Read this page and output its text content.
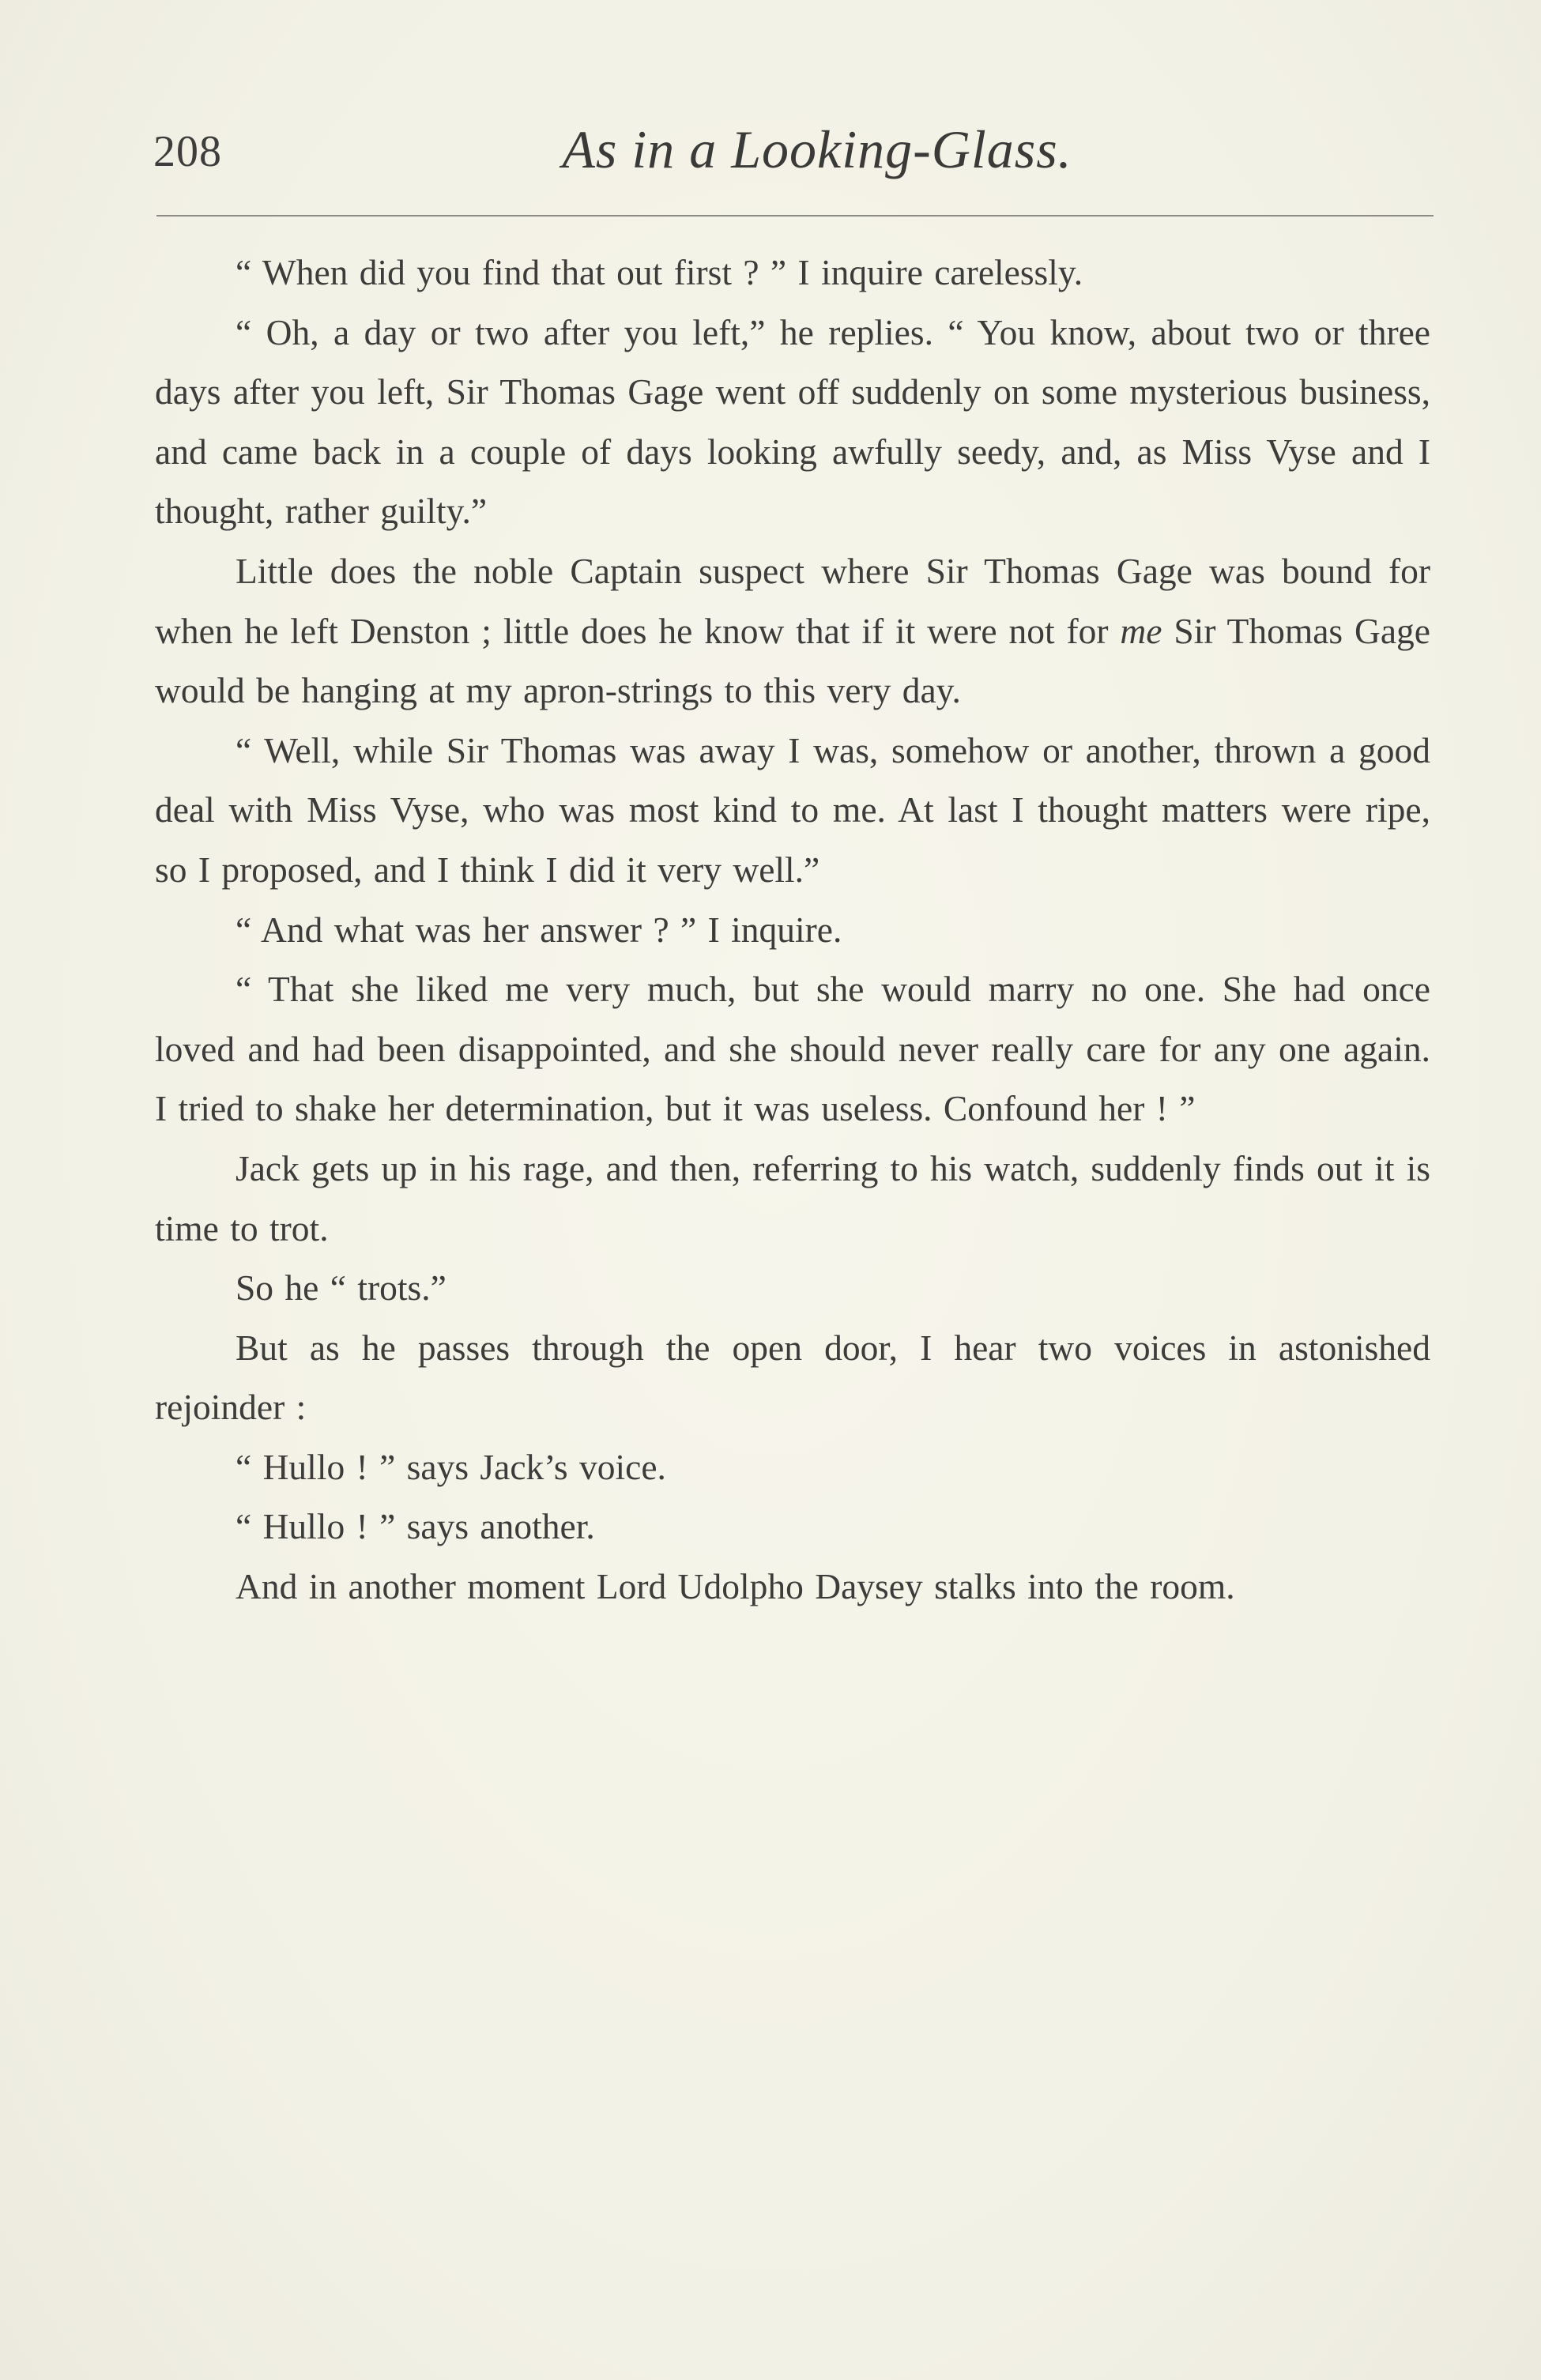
208	As in a Looking-Glass.

“ When did you find that out first ? ” I inquire carelessly.

“ Oh, a day or two after you left,” he replies. “ You know, about two or three days after you left, Sir Thomas Gage went off suddenly on some mysterious business, and came back in a couple of days looking awfully seedy, and, as Miss Vyse and I thought, rather guilty.”

Little does the noble Captain suspect where Sir Thomas Gage was bound for when he left Denston ; little does he know that if it were not for me Sir Thomas Gage would be hanging at my apron-strings to this very day.

“ Well, while Sir Thomas was away I was, somehow or another, thrown a good deal with Miss Vyse, who was most kind to me. At last I thought matters were ripe, so I proposed, and I think I did it very well.”

“ And what was her answer ? ” I inquire.

“ That she liked me very much, but she would marry no one. She had once loved and had been disappointed, and she should never really care for any one again. I tried to shake her determination, but it was useless. Confound her ! ”

Jack gets up in his rage, and then, referring to his watch, suddenly finds out it is time to trot.

So he “ trots.”

But as he passes through the open door, I hear two voices in astonished rejoinder :

“ Hullo ! ” says Jack’s voice.

“ Hullo ! ” says another.

And in another moment Lord Udolpho Daysey stalks into the room.
